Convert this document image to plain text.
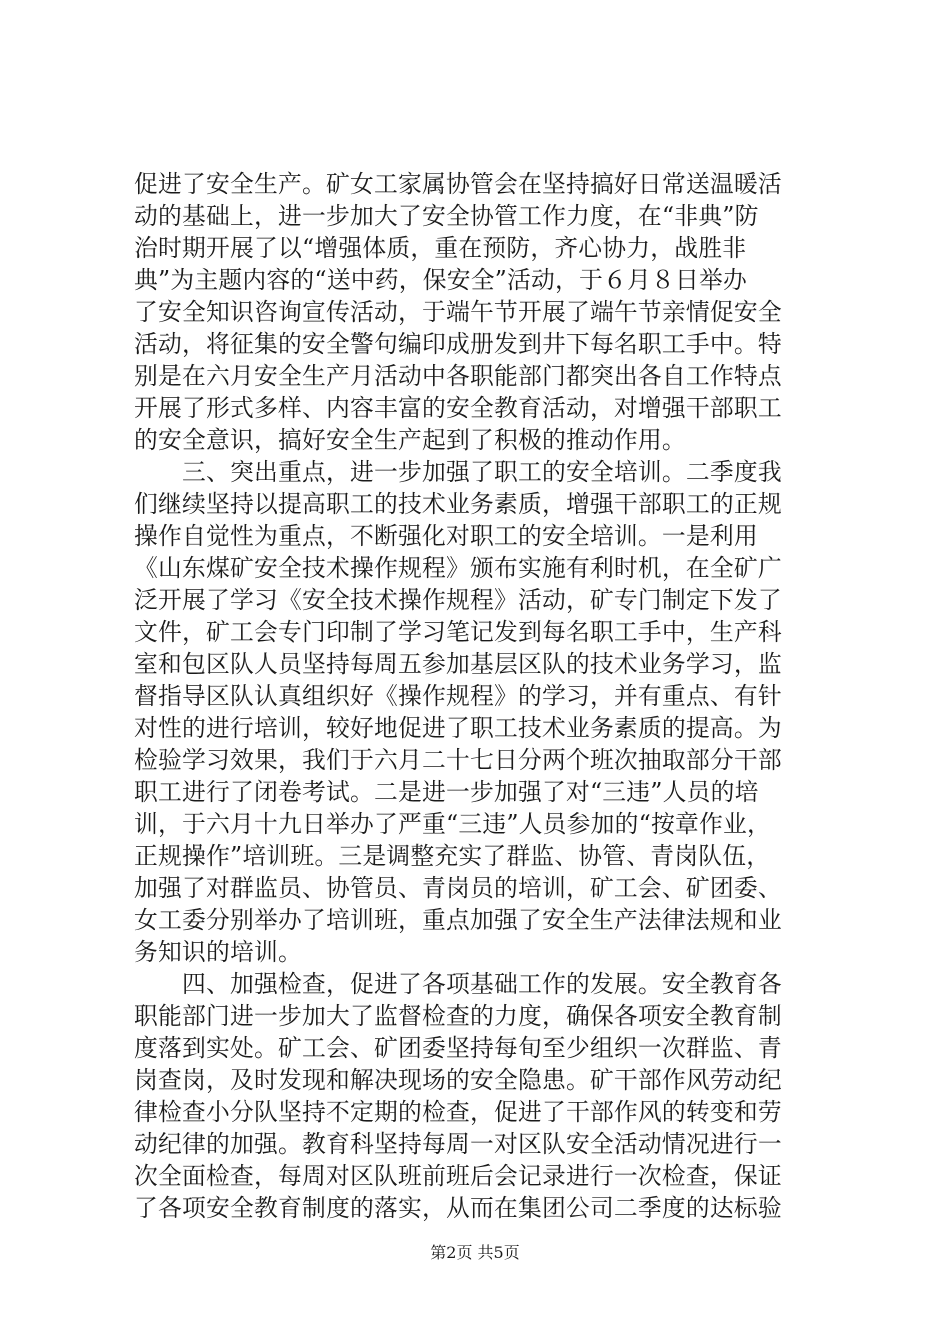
促进了安全生产。矿女工家属协管会在坚持搞好日常送温暖活
动的基础上，进一步加大了安全协管工作力度，在“非典”防
治时期开展了以“增强体质，重在预防，齐心协力，战胜非
典”为主题内容的“送中药，保安全”活动，于６月８日举办
了安全知识咨询宣传活动，于端午节开展了端午节亲情促安全
活动，将征集的安全警句编印成册发到井下每名职工手中。特
别是在六月安全生产月活动中各职能部门都突出各自工作特点
开展了形式多样、内容丰富的安全教育活动，对增强干部职工
的安全意识，搞好安全生产起到了积极的推动作用。
　　三、突出重点，进一步加强了职工的安全培训。二季度我
们继续坚持以提高职工的技术业务素质，增强干部职工的正规
操作自觉性为重点，不断强化对职工的安全培训。一是利用
《山东煤矿安全技术操作规程》颁布实施有利时机，在全矿广
泛开展了学习《安全技术操作规程》活动，矿专门制定下发了
文件，矿工会专门印制了学习笔记发到每名职工手中，生产科
室和包区队人员坚持每周五参加基层区队的技术业务学习，监
督指导区队认真组织好《操作规程》的学习，并有重点、有针
对性的进行培训，较好地促进了职工技术业务素质的提高。为
检验学习效果，我们于六月二十七日分两个班次抽取部分干部
职工进行了闭卷考试。二是进一步加强了对“三违”人员的培
训，于六月十九日举办了严重“三违”人员参加的“按章作业，
正规操作”培训班。三是调整充实了群监、协管、青岗队伍，
加强了对群监员、协管员、青岗员的培训，矿工会、矿团委、
女工委分别举办了培训班，重点加强了安全生产法律法规和业
务知识的培训。
　　四、加强检查，促进了各项基础工作的发展。安全教育各
职能部门进一步加大了监督检查的力度，确保各项安全教育制
度落到实处。矿工会、矿团委坚持每旬至少组织一次群监、青
岗查岗，及时发现和解决现场的安全隐患。矿干部作风劳动纪
律检查小分队坚持不定期的检查，促进了干部作风的转变和劳
动纪律的加强。教育科坚持每周一对区队安全活动情况进行一
次全面检查，每周对区队班前班后会记录进行一次检查，保证
了各项安全教育制度的落实，从而在集团公司二季度的达标验
第2页 共5页
